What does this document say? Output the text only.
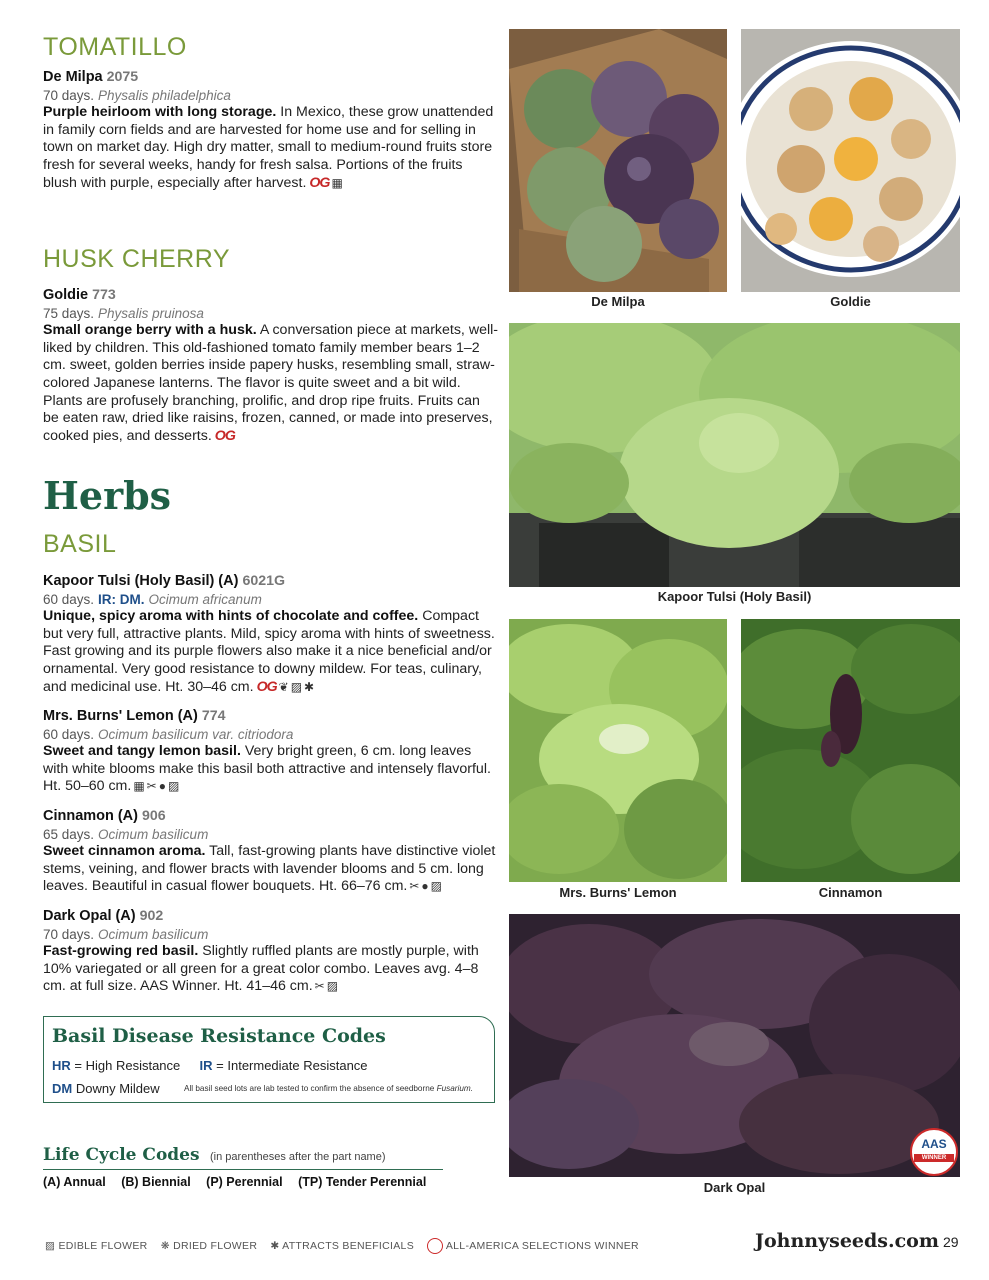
TOMATILLO
De Milpa 2075
70 days. Physalis philadelphica
Purple heirloom with long storage. In Mexico, these grow unattended in family corn fields and are harvested for home use and for selling in town on market day. High dry matter, small to medium-round fruits store fresh for several weeks, handy for fresh salsa. Portions of the fruits blush with purple, especially after harvest. OG ▦
HUSK CHERRY
Goldie 773
75 days. Physalis pruinosa
Small orange berry with a husk. A conversation piece at markets, well-liked by children. This old-fashioned tomato family member bears 1–2 cm. sweet, golden berries inside papery husks, resembling small, straw-colored Japanese lanterns. The flavor is quite sweet and a bit wild. Plants are profusely branching, prolific, and drop ripe fruits. Fruits can be eaten raw, dried like raisins, frozen, canned, or made into preserves, cooked pies, and desserts. OG
Herbs
BASIL
Kapoor Tulsi (Holy Basil) (A) 6021G
60 days. IR: DM. Ocimum africanum
Unique, spicy aroma with hints of chocolate and coffee. Compact but very full, attractive plants. Mild, spicy aroma with hints of sweetness. Fast growing and its purple flowers also make it a nice beneficial and/or ornamental. Very good resistance to downy mildew. For teas, culinary, and medicinal use. Ht. 30–46 cm. OG ❦ ▨ ✱
Mrs. Burns' Lemon (A) 774
60 days. Ocimum basilicum var. citriodora
Sweet and tangy lemon basil. Very bright green, 6 cm. long leaves with white blooms make this basil both attractive and intensely flavorful. Ht. 50–60 cm. ▦ ✂ ● ▨
Cinnamon (A) 906
65 days. Ocimum basilicum
Sweet cinnamon aroma. Tall, fast-growing plants have distinctive violet stems, veining, and flower bracts with lavender blooms and 5 cm. long leaves. Beautiful in casual flower bouquets. Ht. 66–76 cm. ✂ ● ▨
Dark Opal (A) 902
70 days. Ocimum basilicum
Fast-growing red basil. Slightly ruffled plants are mostly purple, with 10% variegated or all green for a great color combo. Leaves avg. 4–8 cm. at full size. AAS Winner. Ht. 41–46 cm. ✂ ▨
Basil Disease Resistance Codes
HR = High Resistance IR = Intermediate Resistance
DM Downy Mildew	All basil seed lots are lab tested to confirm the absence of seedborne Fusarium.
Life Cycle Codes (in parentheses after the part name)
(A) Annual (B) Biennial (P) Perennial (TP) Tender Perennial
De Milpa	Goldie
Kapoor Tulsi (Holy Basil)
Mrs. Burns' Lemon	Cinnamon
AAS
WINNER
Dark Opal
▨ EDIBLE FLOWER ❋ DRIED FLOWER ✱ ATTRACTS BENEFICIALS	ALL-AMERICA SELECTIONS WINNER	Johnnyseeds.com 29
